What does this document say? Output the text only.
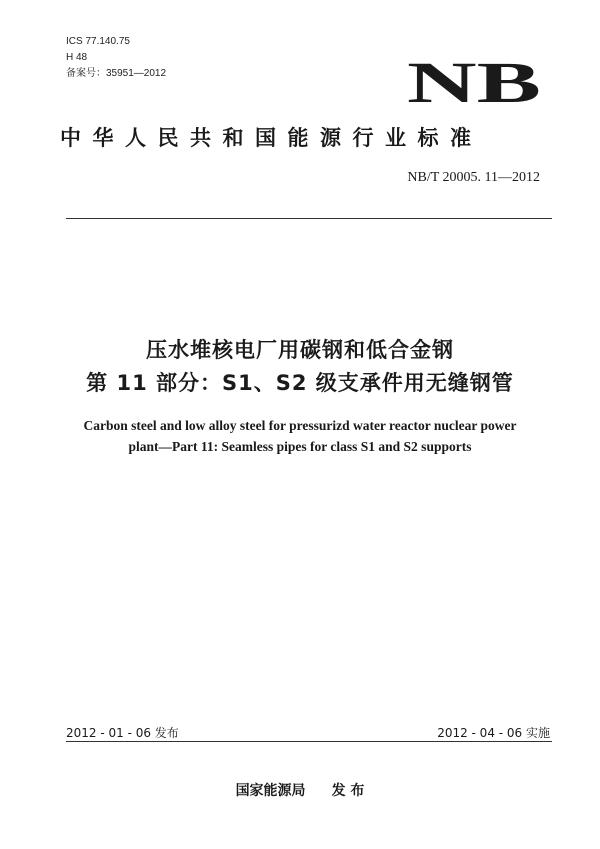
ICS 77.140.75
H 48
备案号：35951—2012	NB
中华人民共和国能源行业标准
NB/T 20005. 11—2012
压水堆核电厂用碳钢和低合金钢
第 11 部分：S1、S2 级支承件用无缝钢管
Carbon steel and low alloy steel for pressurizd water reactor nuclear power
plant—Part 11: Seamless pipes for class S1 and S2 supports
2012 - 01 - 06 发布	2012 - 04 - 06 实施
国家能源局 发 布
